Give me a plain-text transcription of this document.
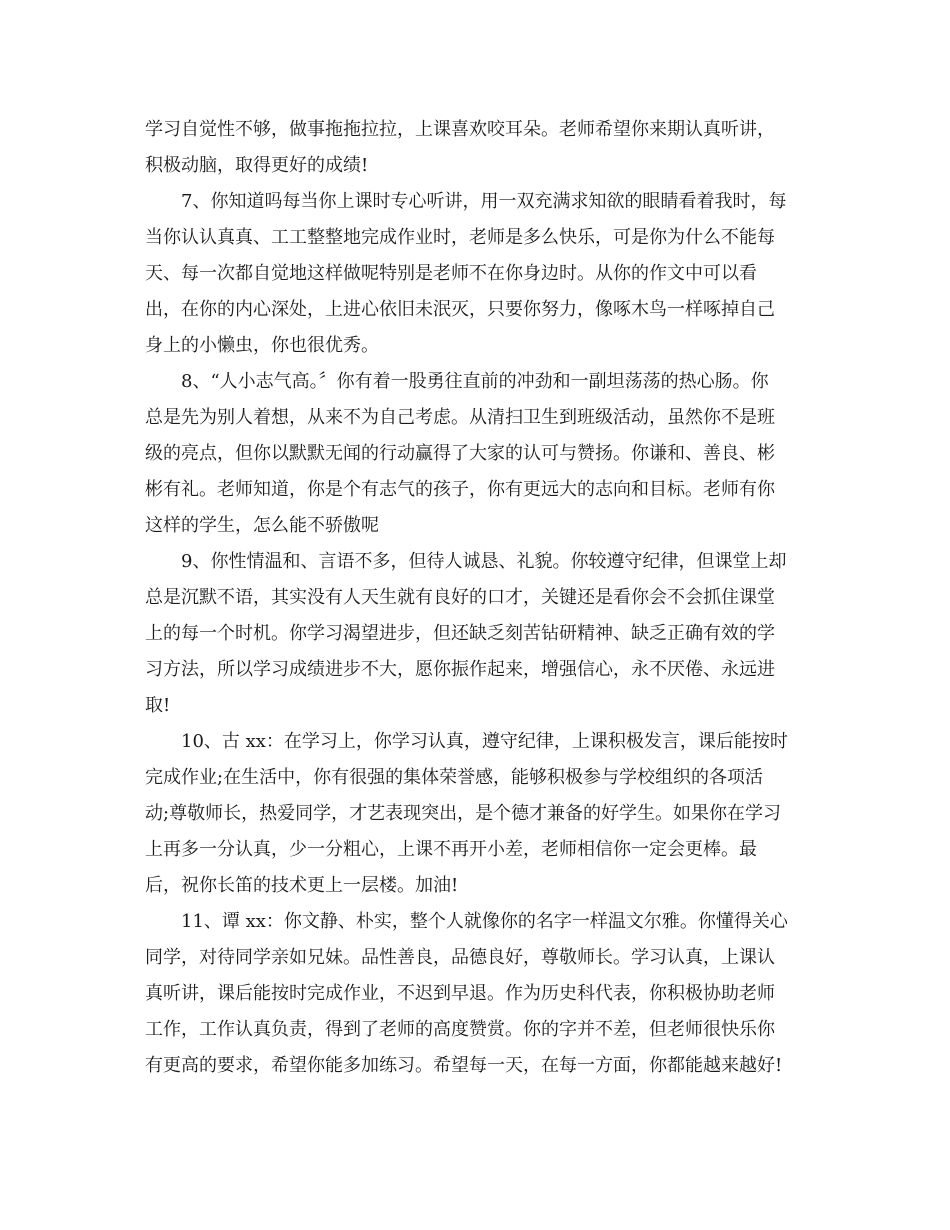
学习自觉性不够，做事拖拖拉拉，上课喜欢咬耳朵。老师希望你来期认真听讲，
积极动脑，取得更好的成绩!
7、你知道吗每当你上课时专心听讲，用一双充满求知欲的眼睛看着我时，每
当你认认真真、工工整整地完成作业时，老师是多么快乐，可是你为什么不能每
天、每一次都自觉地这样做呢特别是老师不在你身边时。从你的作文中可以看
出，在你的内心深处，上进心依旧未泯灭，只要你努力，像啄木鸟一样啄掉自己
身上的小懒虫，你也很优秀。
8、“人小志气高。〞你有着一股勇往直前的冲劲和一副坦荡荡的热心肠。你
总是先为别人着想，从来不为自己考虑。从清扫卫生到班级活动，虽然你不是班
级的亮点，但你以默默无闻的行动赢得了大家的认可与赞扬。你谦和、善良、彬
彬有礼。老师知道，你是个有志气的孩子，你有更远大的志向和目标。老师有你
这样的学生，怎么能不骄傲呢
9、你性情温和、言语不多，但待人诚恳、礼貌。你较遵守纪律，但课堂上却
总是沉默不语，其实没有人天生就有良好的口才，关键还是看你会不会抓住课堂
上的每一个时机。你学习渴望进步，但还缺乏刻苦钻研精神、缺乏正确有效的学
习方法，所以学习成绩进步不大，愿你振作起来，增强信心，永不厌倦、永远进
取!
10、古 xx：在学习上，你学习认真，遵守纪律，上课积极发言，课后能按时
完成作业;在生活中，你有很强的集体荣誉感，能够积极参与学校组织的各项活
动;尊敬师长，热爱同学，才艺表现突出，是个德才兼备的好学生。如果你在学习
上再多一分认真，少一分粗心，上课不再开小差，老师相信你一定会更棒。最
后，祝你长笛的技术更上一层楼。加油!
11、谭 xx：你文静、朴实，整个人就像你的名字一样温文尔雅。你懂得关心
同学，对待同学亲如兄妹。品性善良，品德良好，尊敬师长。学习认真，上课认
真听讲，课后能按时完成作业，不迟到早退。作为历史科代表，你积极协助老师
工作，工作认真负责，得到了老师的高度赞赏。你的字并不差，但老师很快乐你
有更高的要求，希望你能多加练习。希望每一天，在每一方面，你都能越来越好!
